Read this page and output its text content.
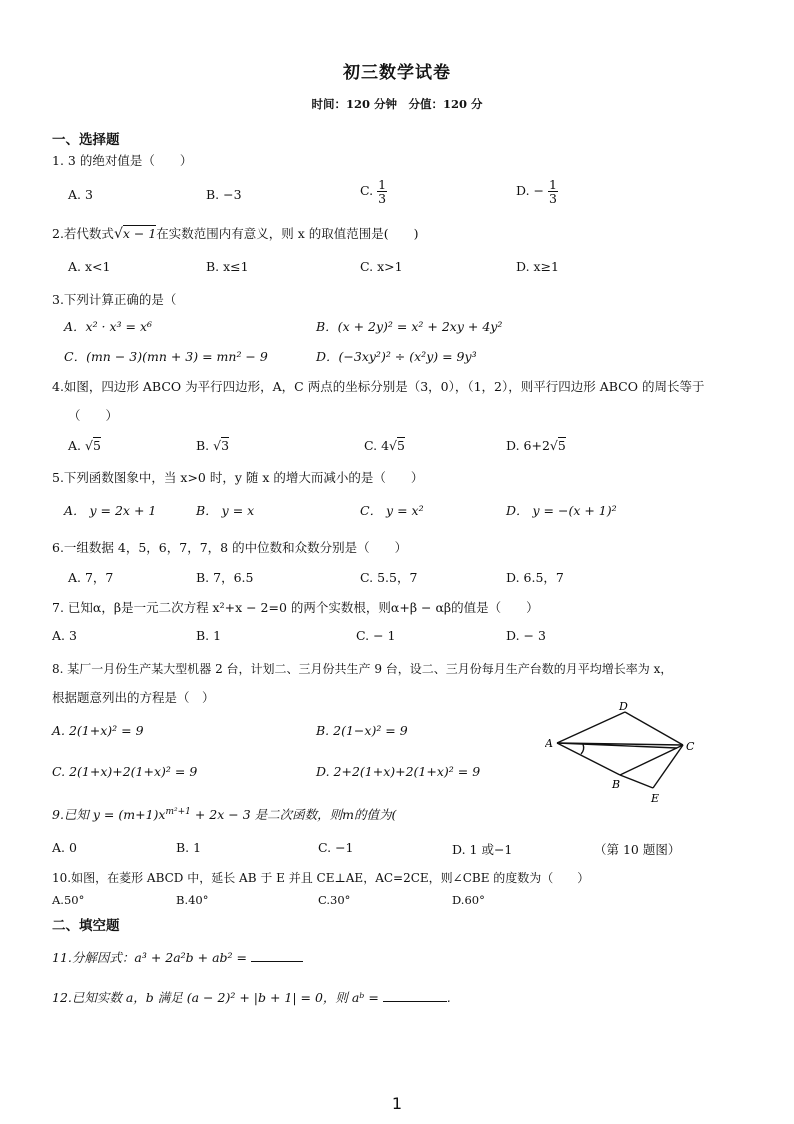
初三数学试卷
时间：120 分钟　分值：120 分
一、选择题
1. 3 的绝对值是（　　）
A. 3	B. −3	C. $\frac{1}{3}$	D. − $\frac{1}{3}$
2.若代数式√x − 1在实数范围内有意义，则 x 的取值范围是(　　)
A. x<1	B. x≤1	C. x>1	D. x≥1
3.下列计算正确的是（
A．x² · x³ = x⁶	B．(x + 2y)² = x² + 2xy + 4y²
C．(mn − 3)(mn + 3) = mn² − 9	D．(−3xy²)² ÷ (x²y) = 9y³
4.如图，四边形 ABCO 为平行四边形，A，C 两点的坐标分别是（3，0），（1，2），则平行四边形 ABCO 的周长等于
（　　）
A. √5	B. √3	C. 4√5	D. 6+2√5
5.下列函数图象中，当 x>0 时，y 随 x 的增大而减小的是（　　）
A． y = 2x + 1	B． y = x	C． y = x²	D． y = −(x + 1)²
6.一组数据 4，5，6，7，7，8 的中位数和众数分别是（　　）
A. 7，7	B. 7，6.5	C. 5.5，7	D. 6.5，7
7. 已知α，β是一元二次方程 x²+x − 2=0 的两个实数根，则α+β − αβ的值是（　　）
A. 3	B. 1	C. − 1	D. − 3
8. 某厂一月份生产某大型机器 2 台，计划二、三月份共生产 9 台，设二、三月份每月生产台数的月平均增长率为 x，
根据题意列出的方程是（　）
A. 2(1+x)² = 9	B. 2(1−x)² = 9
C. 2(1+x)+2(1+x)² = 9	D. 2+2(1+x)+2(1+x)² = 9
9.已知 $y = (m+1)x^{m^2+1} + 2x - 3$ 是二次函数，则m的值为(
A. 0	B. 1	C. −1	D. 1 或−1	（第 10 题图）
A
D
C
B
E
10.如图，在菱形 ABCD 中，延长 AB 于 E 并且 CE⊥AE，AC=2CE，则∠CBE 的度数为（　　）
A.50°	B.40°	C.30°	D.60°
二、填空题
11.分解因式：a³ + 2a²b + ab² =
12.已知实数 a，b 满足 (a − 2)² + |b + 1| = 0，则 aᵇ =	.
1
